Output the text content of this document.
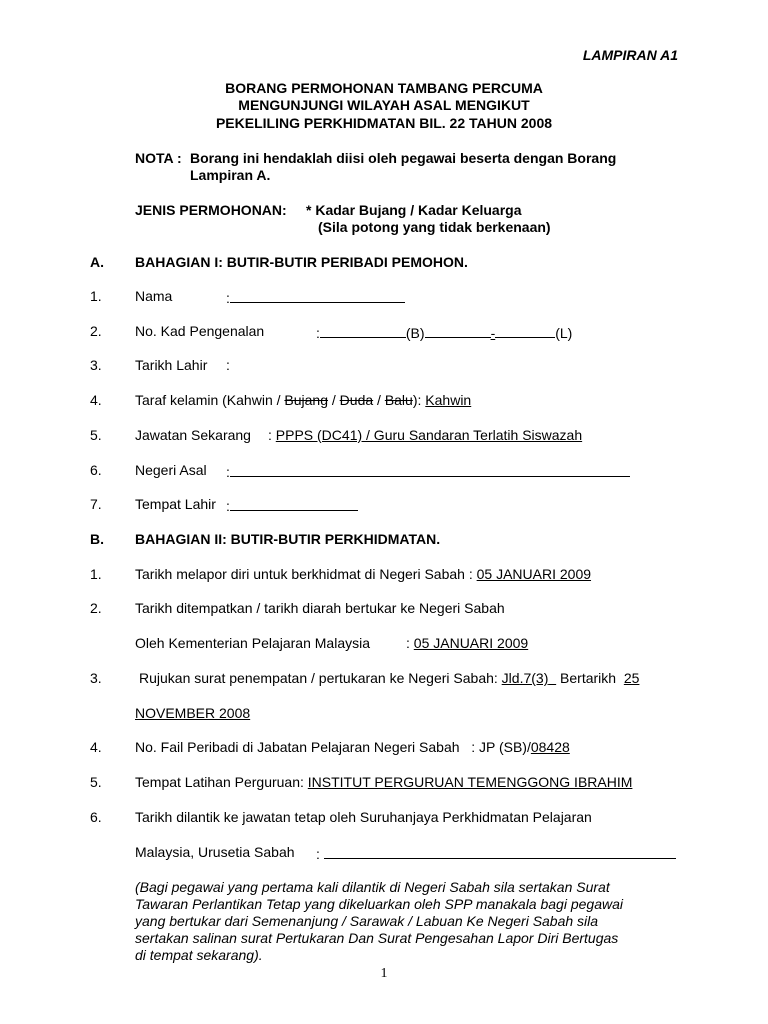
LAMPIRAN A1
BORANG PERMOHONAN TAMBANG PERCUMA
MENGUNJUNGI WILAYAH ASAL MENGIKUT
PEKELILING PERKHIDMATAN BIL. 22 TAHUN 2008
NOTA : Borang ini hendaklah diisi oleh pegawai beserta dengan Borang
Lampiran A.
JENIS PERMOHONAN: * Kadar Bujang / Kadar Keluarga
(Sila potong yang tidak berkenaan)
A. BAHAGIAN I: BUTIR-BUTIR PERIBADI PEMOHON.
1. Nama	:
2. No. Kad Pengenalan	:	(B)	-	(L)
3. Tarikh Lahir :
4. Taraf kelamin (Kahwin / Bujang / Duda / Balu): Kahwin
5. Jawatan Sekarang : PPPS (DC41) / Guru Sandaran Terlatih Siswazah
6. Negeri Asal :
7. Tempat Lahir :
B. BAHAGIAN II: BUTIR-BUTIR PERKHIDMATAN.
1. Tarikh melapor diri untuk berkhidmat di Negeri Sabah : 05 JANUARI 2009
2. Tarikh ditempatkan / tarikh diarah bertukar ke Negeri Sabah
Oleh Kementerian Pelajaran Malaysia	: 05 JANUARI 2009
3.	Rujukan surat penempatan / pertukaran ke Negeri Sabah: Jld.7(3) Bertarikh 25
NOVEMBER 2008
4. No. Fail Peribadi di Jabatan Pelajaran Negeri Sabah : JP (SB)/08428
5. Tempat Latihan Perguruan: INSTITUT PERGURUAN TEMENGGONG IBRAHIM
6. Tarikh dilantik ke jawatan tetap oleh Suruhanjaya Perkhidmatan Pelajaran
Malaysia, Urusetia Sabah :
(Bagi pegawai yang pertama kali dilantik di Negeri Sabah sila sertakan Surat
Tawaran Perlantikan Tetap yang dikeluarkan oleh SPP manakala bagi pegawai
yang bertukar dari Semenanjung / Sarawak / Labuan Ke Negeri Sabah sila
sertakan salinan surat Pertukaran Dan Surat Pengesahan Lapor Diri Bertugas
di tempat sekarang).
1
